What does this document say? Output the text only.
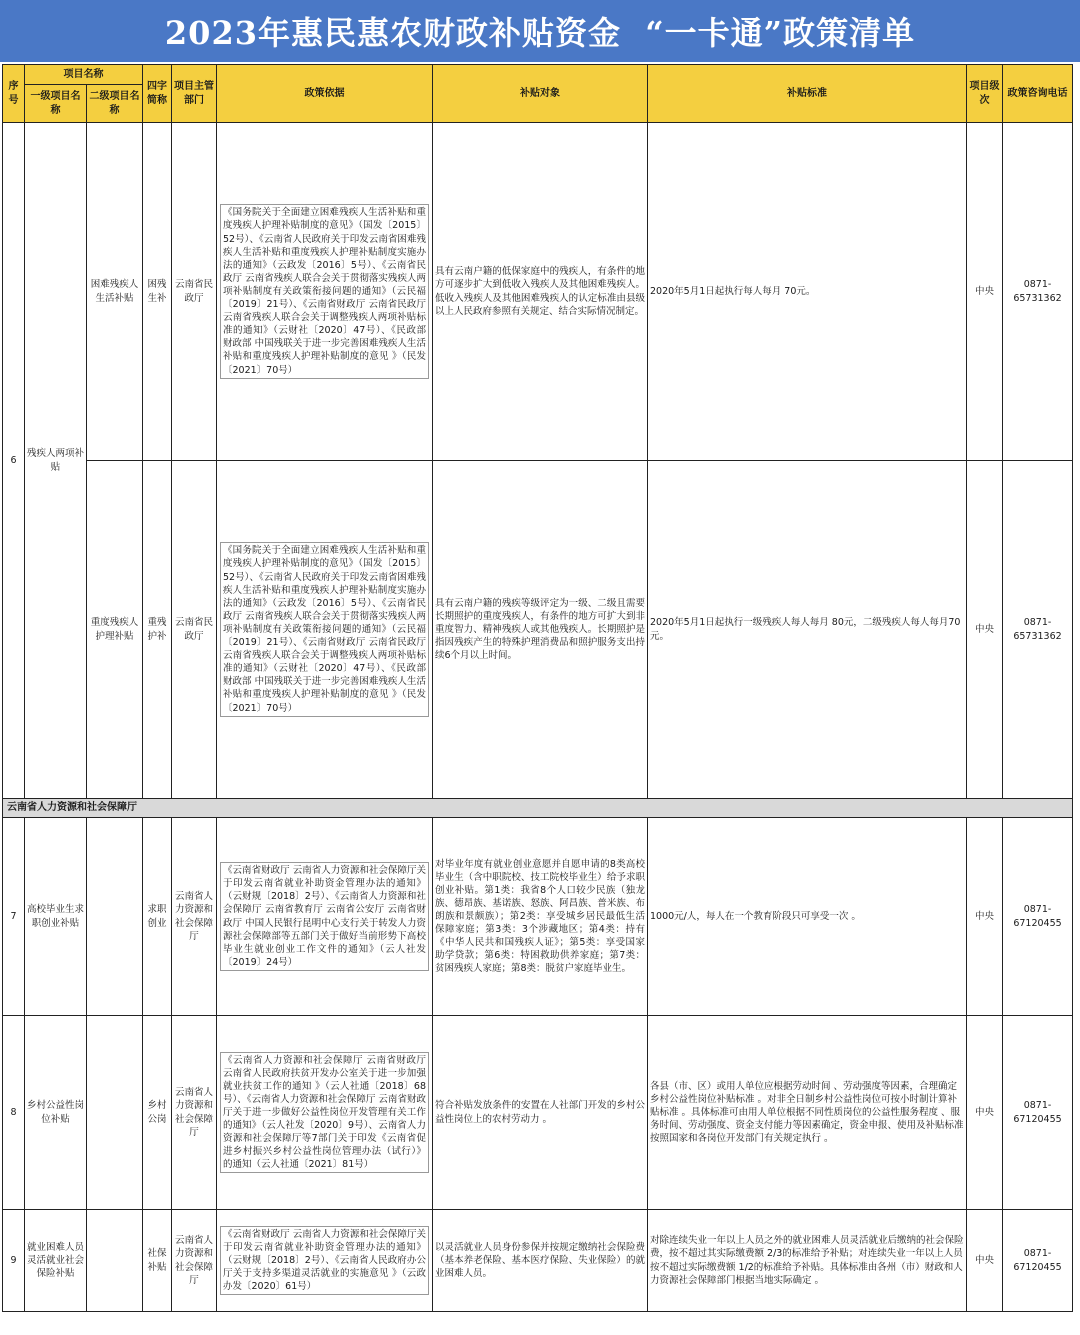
2023年惠民惠农财政补贴资金  “一卡通”政策清单
序号	项目名称		四字简称	项目主管部门	政策依据	补贴对象	补贴标准	项目级次	政策咨询电话
	一级项目名称	二级项目名称							
6	残疾人两项补贴	困难残疾人生活补贴	困残生补	云南省民政厅	《国务院关于全面建立困难残疾人生活补贴和重度残疾人护理补贴制度的意见》（国发〔2015〕52号）、《云南省人民政府关于印发云南省困难残疾人生活补贴和重度残疾人护理补贴制度实施办法的通知》（云政发〔2016〕5号）、《云南省民政厅 云南省残疾人联合会关于贯彻落实残疾人两项补贴制度有关政策衔接问题的通知》（云民福〔2019〕21号）、《云南省财政厅 云南省民政厅 云南省残疾人联合会关于调整残疾人两项补贴标准的通知》（云财社〔2020〕47号）、《民政部 财政部 中国残联关于进一步完善困难残疾人生活补贴和重度残疾人护理补贴制度的意见 》（民发〔2021〕70号）	具有云南户籍的低保家庭中的残疾人，有条件的地方可逐步扩大到低收入残疾人及其他困难残疾人。低收入残疾人及其他困难残疾人的认定标准由县级以上人民政府参照有关规定、结合实际情况制定。	2020年5月1日起执行每人每月 70元。	中央	0871-65731362
		重度残疾人护理补贴	重残护补	云南省民政厅	《国务院关于全面建立困难残疾人生活补贴和重度残疾人护理补贴制度的意见》（国发〔2015〕52号）、《云南省人民政府关于印发云南省困难残疾人生活补贴和重度残疾人护理补贴制度实施办法的通知》（云政发〔2016〕5号）、《云南省民政厅 云南省残疾人联合会关于贯彻落实残疾人两项补贴制度有关政策衔接问题的通知》（云民福〔2019〕21号）、《云南省财政厅 云南省民政厅 云南省残疾人联合会关于调整残疾人两项补贴标准的通知》（云财社〔2020〕47号）、《民政部 财政部 中国残联关于进一步完善困难残疾人生活补贴和重度残疾人护理补贴制度的意见 》（民发〔2021〕70号）	具有云南户籍的残疾等级评定为一级、二级且需要长期照护的重度残疾人，有条件的地方可扩大到非重度智力、精神残疾人或其他残疾人。长期照护是指因残疾产生的特殊护理消费品和照护服务支出持续6个月以上时间。	2020年5月1日起执行一级残疾人每人每月 80元，二级残疾人每人每月70元。	中央	0871-65731362
云南省人力资源和社会保障厅									
7	高校毕业生求职创业补贴		求职创业	云南省人力资源和社会保障厅	《云南省财政厅 云南省人力资源和社会保障厅关于印发云南省就业补助资金管理办法的通知》（云财规〔2018〕2号）、《云南省人力资源和社会保障厅 云南省教育厅 云南省公安厅 云南省财政厅 中国人民银行昆明中心支行关于转发人力资源社会保障部等五部门关于做好当前形势下高校毕业生就业创业工作文件的通知》（云人社发〔2019〕24号）	对毕业年度有就业创业意愿并自愿申请的8类高校毕业生（含中职院校、技工院校毕业生）给予求职创业补贴。第1类：我省8个人口较少民族（独龙族、德昂族、基诺族、怒族、阿昌族、普米族、布朗族和景颇族）；第2类：享受城乡居民最低生活保障家庭；第3类：3个涉藏地区；第4类：持有《中华人民共和国残疾人证》；第5类：享受国家助学贷款；第6类：特困救助供养家庭；第7类：贫困残疾人家庭；第8类：脱贫户家庭毕业生。	1000元/人，每人在一个教育阶段只可享受一次 。	中央	0871-67120455
8	乡村公益性岗位补贴		乡村公岗	云南省人力资源和社会保障厅	《云南省人力资源和社会保障厅 云南省财政厅 云南省人民政府扶贫开发办公室关于进一步加强就业扶贫工作的通知 》（云人社通〔2018〕68号）、《云南省人力资源和社会保障厅 云南省财政厅关于进一步做好公益性岗位开发管理有关工作的通知》（云人社发〔2020〕9号）、云南省人力资源和社会保障厅等7部门关于印发《云南省促进乡村振兴乡村公益性岗位管理办法（试行）》的通知（云人社通〔2021〕81号）	符合补贴发放条件的安置在人社部门开发的乡村公益性岗位上的农村劳动力 。	各县（市、区）或用人单位应根据劳动时间 、劳动强度等因素，合理确定乡村公益性岗位补贴标准 。对非全日制乡村公益性岗位可按小时制计算补贴标准 。具体标准可由用人单位根据不同性质岗位的公益性服务程度 、服务时间、劳动强度、资金支付能力等因素确定，资金申报、使用及补贴标准按照国家和各岗位开发部门有关规定执行 。	中央	0871-67120455
9	就业困难人员灵活就业社会保险补贴		社保补贴	云南省人力资源和社会保障厅	《云南省财政厅 云南省人力资源和社会保障厅关于印发云南省就业补助资金管理办法的通知》（云财规〔2018〕2号）、《云南省人民政府办公厅关于支持多渠道灵活就业的实施意见 》（云政办发〔2020〕61号）	以灵活就业人员身份参保并按规定缴纳社会保险费（基本养老保险、基本医疗保险、失业保险）的就业困难人员。	对除连续失业一年以上人员之外的就业困难人员灵活就业后缴纳的社会保险费，按不超过其实际缴费额 2/3的标准给予补贴；对连续失业一年以上人员按不超过实际缴费额 1/2的标准给予补贴。具体标准由各州（市）财政和人力资源社会保障部门根据当地实际确定 。	中央	0871-67120455
